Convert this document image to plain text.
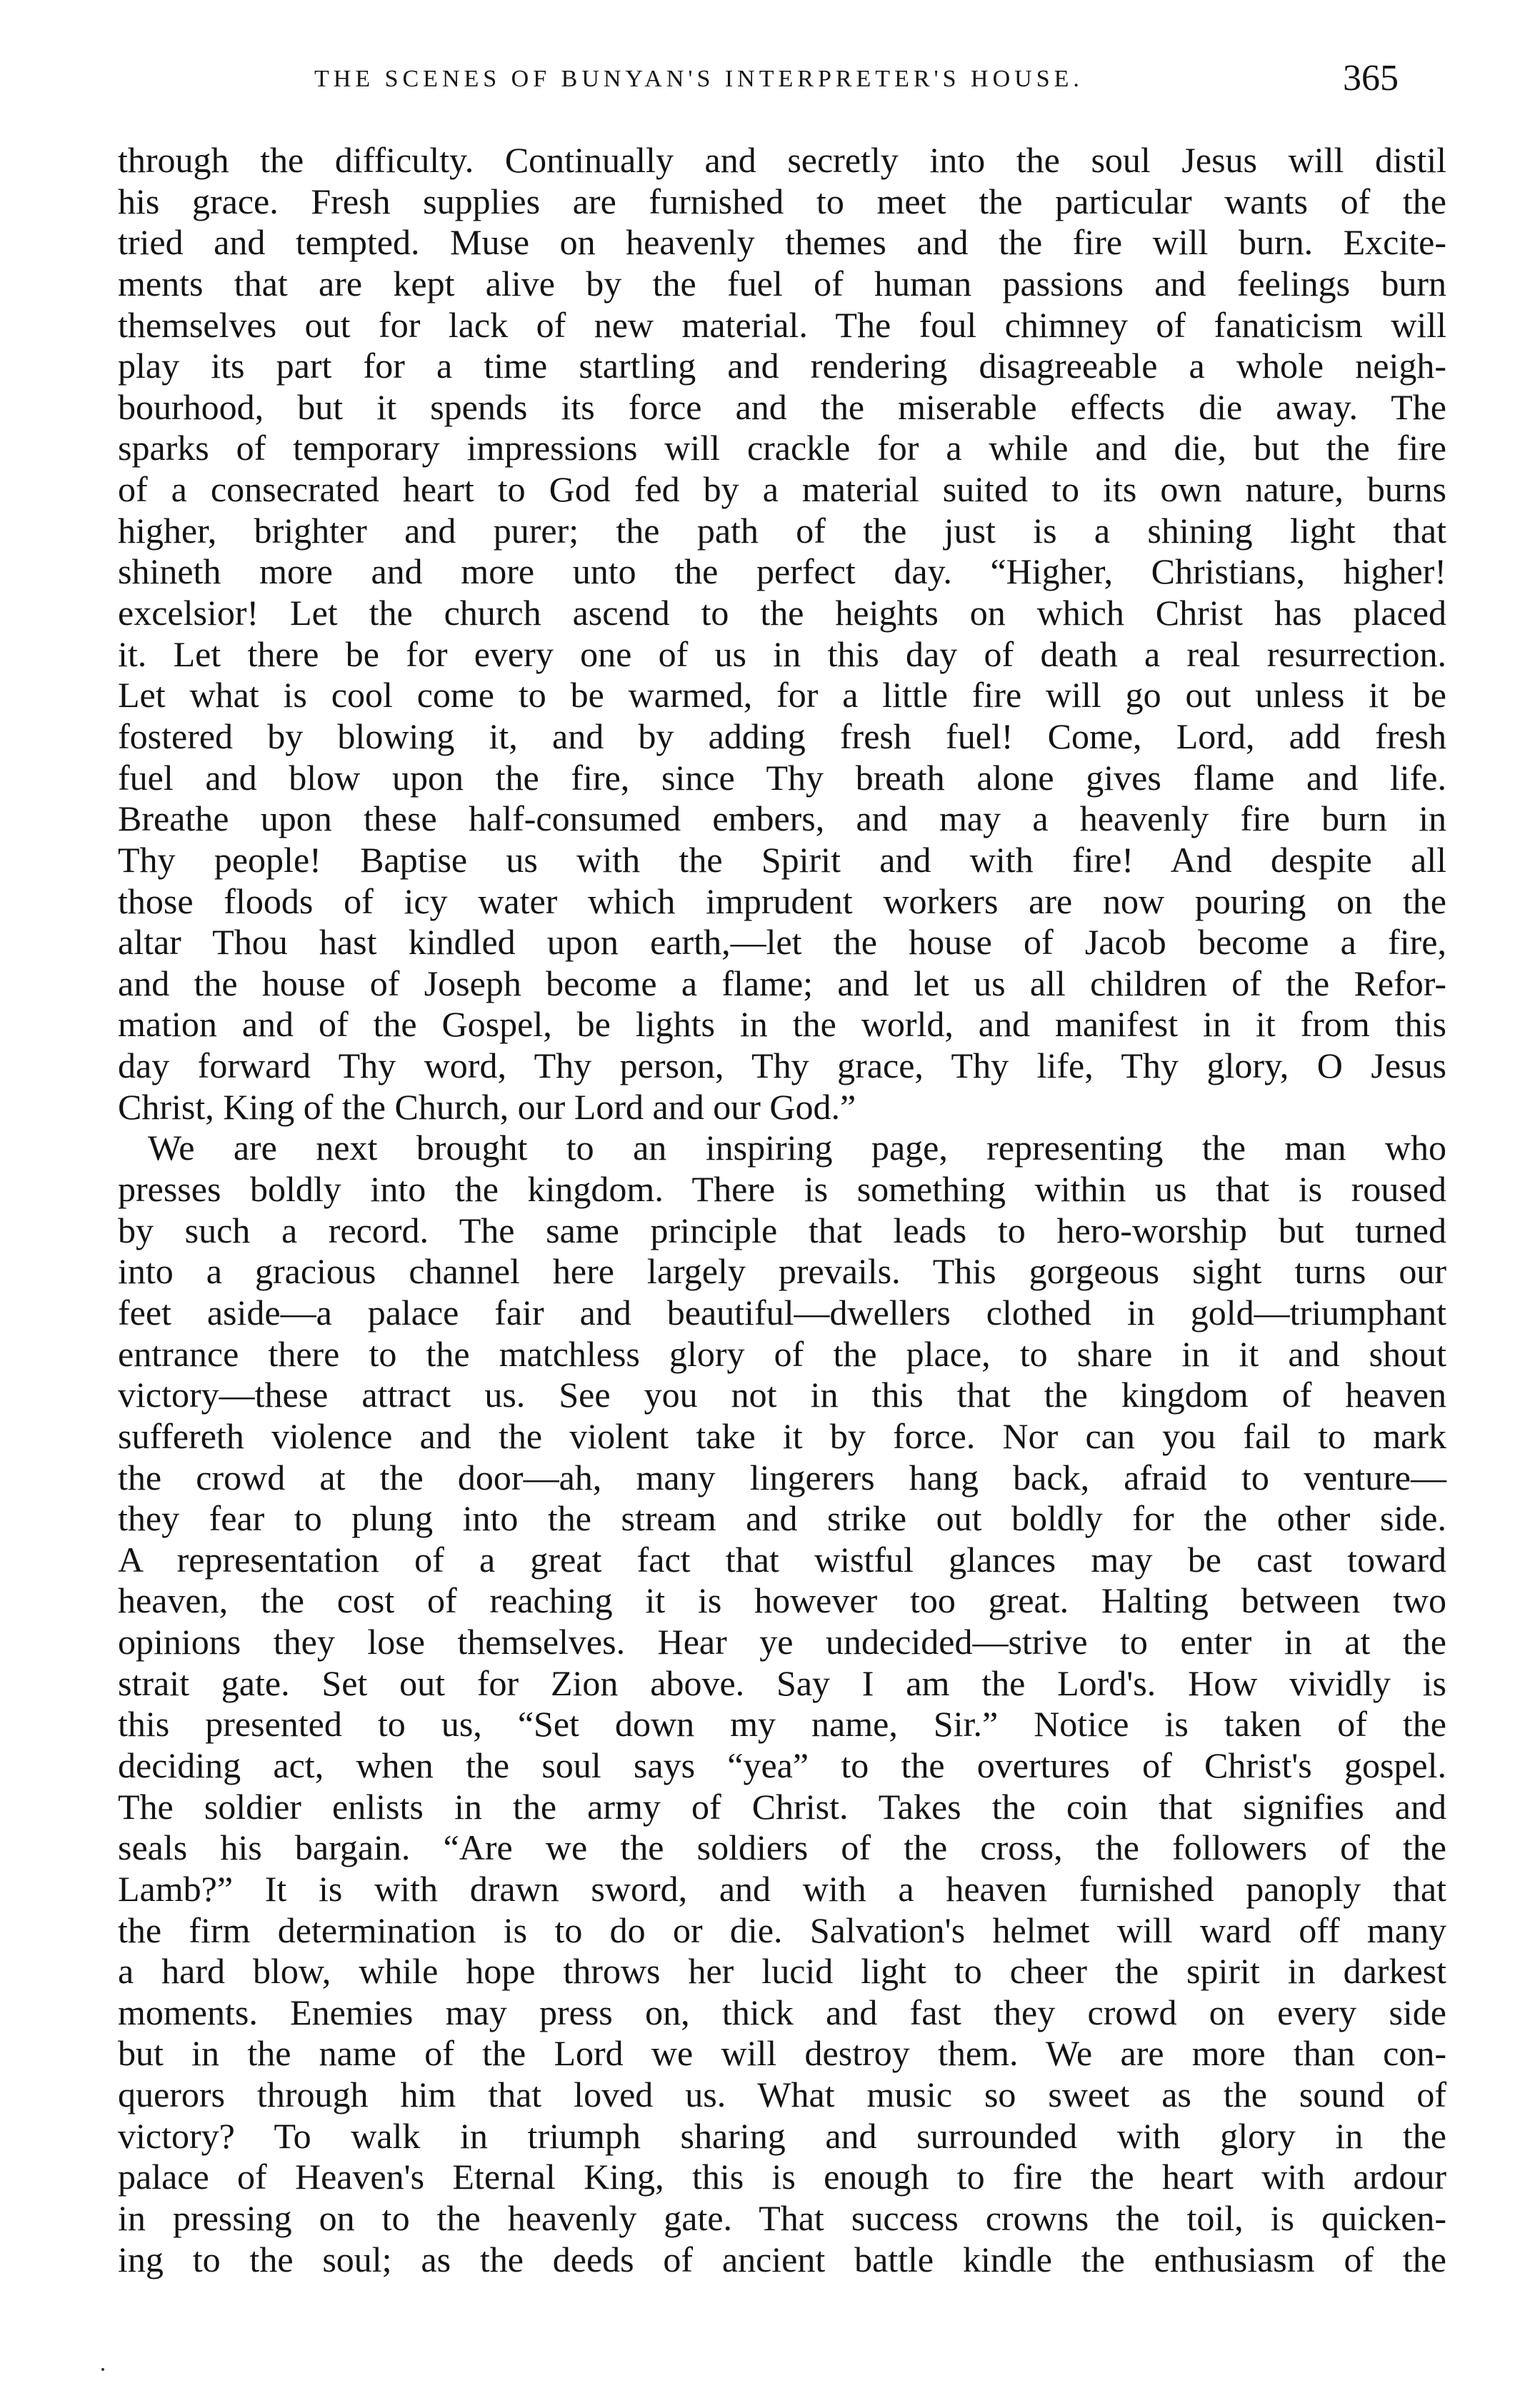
THE SCENES OF BUNYAN'S INTERPRETER'S HOUSE.	365
through the difficulty. Continually and secretly into the soul Jesus will distil
his grace. Fresh supplies are furnished to meet the particular wants of the
tried and tempted. Muse on heavenly themes and the fire will burn. Excite-
ments that are kept alive by the fuel of human passions and feelings burn
themselves out for lack of new material. The foul chimney of fanaticism will
play its part for a time startling and rendering disagreeable a whole neigh-
bourhood, but it spends its force and the miserable effects die away. The
sparks of temporary impressions will crackle for a while and die, but the fire
of a consecrated heart to God fed by a material suited to its own nature, burns
higher, brighter and purer; the path of the just is a shining light that
shineth more and more unto the perfect day. “Higher, Christians, higher!
excelsior! Let the church ascend to the heights on which Christ has placed
it. Let there be for every one of us in this day of death a real resurrection.
Let what is cool come to be warmed, for a little fire will go out unless it be
fostered by blowing it, and by adding fresh fuel! Come, Lord, add fresh
fuel and blow upon the fire, since Thy breath alone gives flame and life.
Breathe upon these half-consumed embers, and may a heavenly fire burn in
Thy people! Baptise us with the Spirit and with fire! And despite all
those floods of icy water which imprudent workers are now pouring on the
altar Thou hast kindled upon earth,—let the house of Jacob become a fire,
and the house of Joseph become a flame; and let us all children of the Refor-
mation and of the Gospel, be lights in the world, and manifest in it from this
day forward Thy word, Thy person, Thy grace, Thy life, Thy glory, O Jesus
Christ, King of the Church, our Lord and our God.”
We are next brought to an inspiring page, representing the man who
presses boldly into the kingdom. There is something within us that is roused
by such a record. The same principle that leads to hero-worship but turned
into a gracious channel here largely prevails. This gorgeous sight turns our
feet aside—a palace fair and beautiful—dwellers clothed in gold—triumphant
entrance there to the matchless glory of the place, to share in it and shout
victory—these attract us. See you not in this that the kingdom of heaven
suffereth violence and the violent take it by force. Nor can you fail to mark
the crowd at the door—ah, many lingerers hang back, afraid to venture—
they fear to plung into the stream and strike out boldly for the other side.
A representation of a great fact that wistful glances may be cast toward
heaven, the cost of reaching it is however too great. Halting between two
opinions they lose themselves. Hear ye undecided—strive to enter in at the
strait gate. Set out for Zion above. Say I am the Lord's. How vividly is
this presented to us, “Set down my name, Sir.” Notice is taken of the
deciding act, when the soul says “yea” to the overtures of Christ's gospel.
The soldier enlists in the army of Christ. Takes the coin that signifies and
seals his bargain. “Are we the soldiers of the cross, the followers of the
Lamb?” It is with drawn sword, and with a heaven furnished panoply that
the firm determination is to do or die. Salvation's helmet will ward off many
a hard blow, while hope throws her lucid light to cheer the spirit in darkest
moments. Enemies may press on, thick and fast they crowd on every side
but in the name of the Lord we will destroy them. We are more than con-
querors through him that loved us. What music so sweet as the sound of
victory? To walk in triumph sharing and surrounded with glory in the
palace of Heaven's Eternal King, this is enough to fire the heart with ardour
in pressing on to the heavenly gate. That success crowns the toil, is quicken-
ing to the soul; as the deeds of ancient battle kindle the enthusiasm of the
